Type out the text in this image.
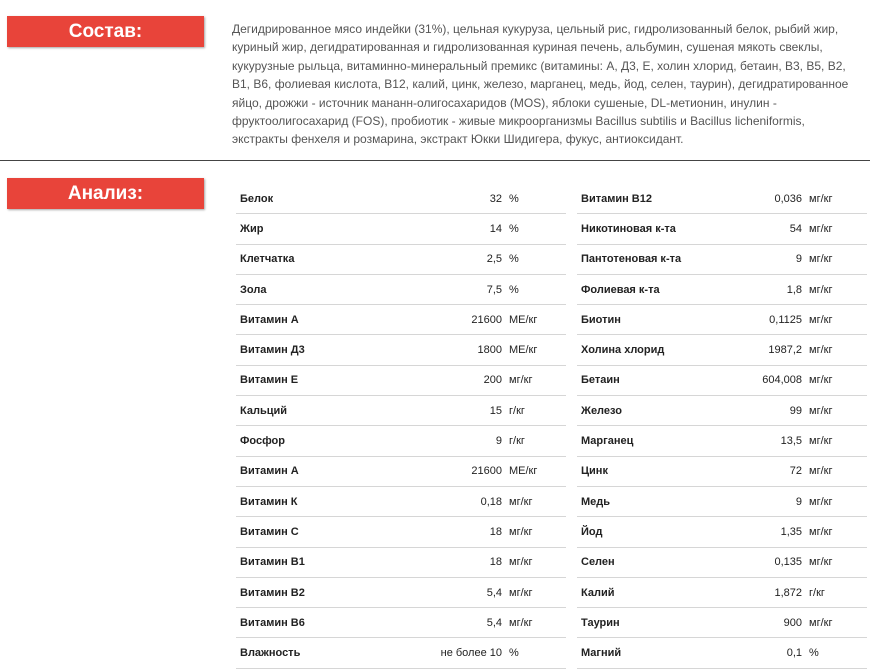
Состав:	Дегидрированное мясо индейки (31%), цельная кукуруза, цельный рис, гидролизованный белок, рыбий жир, куриный жир, дегидратированная и гидролизованная куриная печень, альбумин, сушеная мякоть свеклы, кукурузные рыльца, витаминно-минеральный премикс (витамины: А, Д3, Е, холин хлорид, бетаин, В3, В5, В2, В1, В6, фолиевая кислота, В12, калий, цинк, железо, марганец, медь, йод, селен, таурин), дегидратированное яйцо, дрожжи - источник мананн-олигосахаридов (MOS), яблоки сушеные, DL-метионин, инулин - фруктоолигосахарид (FOS), пробиотик - живые микроорганизмы Bacillus subtilis и Bacillus licheniformis, экстракты фенхеля и розмарина, экстракт Юкки Шидигера, фукус, антиоксидант.

Анализ:	Белок	32	%
Жир	14	%
Клетчатка	2,5	%
Зола	7,5	%
Витамин А	21600	МЕ/кг
Витамин Д3	1800	МЕ/кг
Витамин Е	200	мг/кг
Кальций	15	г/кг
Фосфор	9	г/кг
Витамин А	21600	МЕ/кг
Витамин К	0,18	мг/кг
Витамин С	18	мг/кг
Витамин В1	18	мг/кг
Витамин В2	5,4	мг/кг
Витамин В6	5,4	мг/кг
Влажность	не более 10	%
Витамин В12	0,036	мг/кг
Никотиновая к-та	54	мг/кг
Пантотеновая к-та	9	мг/кг
Фолиевая к-та	1,8	мг/кг
Биотин	0,1125	мг/кг
Холина хлорид	1987,2	мг/кг
Бетаин	604,008	мг/кг
Железо	99	мг/кг
Марганец	13,5	мг/кг
Цинк	72	мг/кг
Медь	9	мг/кг
Йод	1,35	мг/кг
Селен	0,135	мг/кг
Калий	1,872	г/кг
Таурин	900	мг/кг
Магний	0,1	%
